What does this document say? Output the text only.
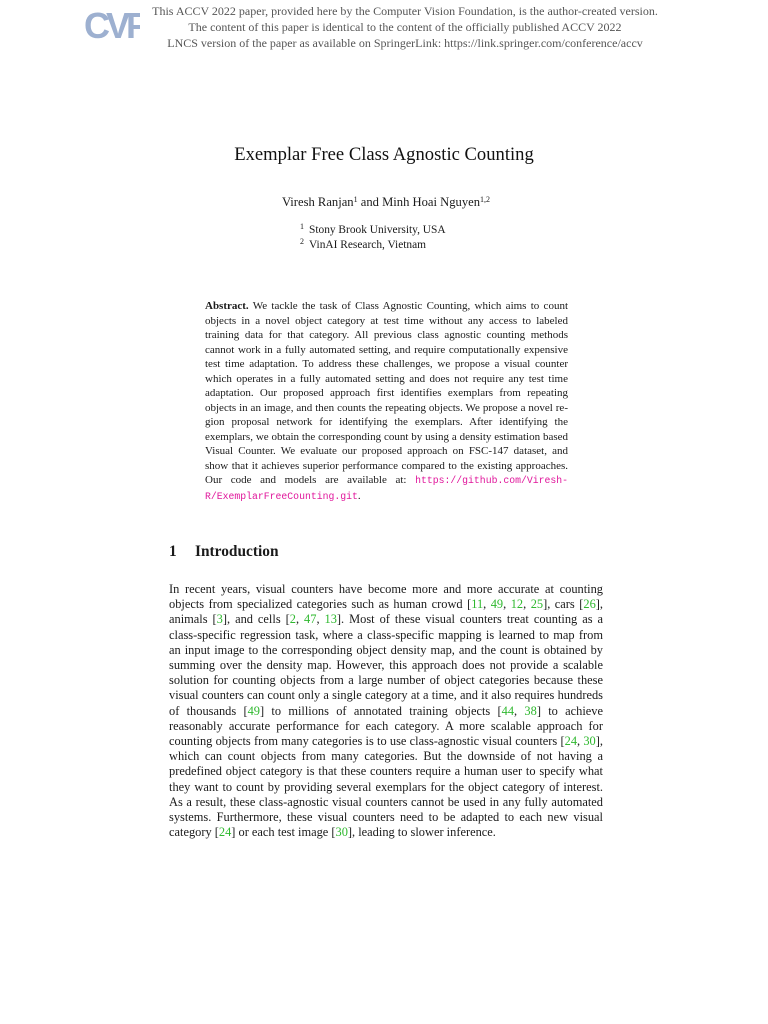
CVF This ACCV 2022 paper, provided here by the Computer Vision Foundation, is the author-created version.
The content of this paper is identical to the content of the officially published ACCV 2022
LNCS version of the paper as available on SpringerLink: https://link.springer.com/conference/accv
Exemplar Free Class Agnostic Counting
Viresh Ranjan$^1$ and Minh Hoai Nguyen$^{1,2}$
$^1$ Stony Brook University, USA
$^2$ VinAI Research, Vietnam
Abstract. We tackle the task of Class Agnostic Counting, which aims to count objects in a novel object category at test time without any access to labeled training data for that category. All previous class agnostic counting methods cannot work in a fully automated setting, and require computationally expensive test time adaptation. To address these challenges, we propose a visual counter which operates in a fully automated setting and does not require any test time adaptation. Our proposed approach first identifies exemplars from repeating objects in an image, and then counts the repeating objects. We propose a novel region proposal network for identifying the exemplars. After identifying the exemplars, we obtain the corresponding count by using a density estimation based Visual Counter. We evaluate our proposed approach on FSC-147 dataset, and show that it achieves superior performance compared to the existing approaches. Our code and models are available at: https://github.com/Viresh-R/ExemplarFreeCounting.git.
1 Introduction
In recent years, visual counters have become more and more accurate at counting objects from specialized categories such as human crowd [11, 49, 12, 25], cars [26], animals [3], and cells [2, 47, 13]. Most of these visual counters treat counting as a class-specific regression task, where a class-specific mapping is learned to map from an input image to the corresponding object density map, and the count is obtained by summing over the density map. However, this approach does not provide a scalable solution for counting objects from a large number of object categories because these visual counters can count only a single category at a time, and it also requires hundreds of thousands [49] to millions of annotated training objects [44, 38] to achieve reasonably accurate performance for each category. A more scalable approach for counting objects from many categories is to use class-agnostic visual counters [24, 30], which can count objects from many categories. But the downside of not having a predefined object category is that these counters require a human user to specify what they want to count by providing several exemplars for the object category of interest. As a result, these class-agnostic visual counters cannot be used in any fully automated systems. Furthermore, these visual counters need to be adapted to each new visual category [24] or each test image [30], leading to slower inference.
